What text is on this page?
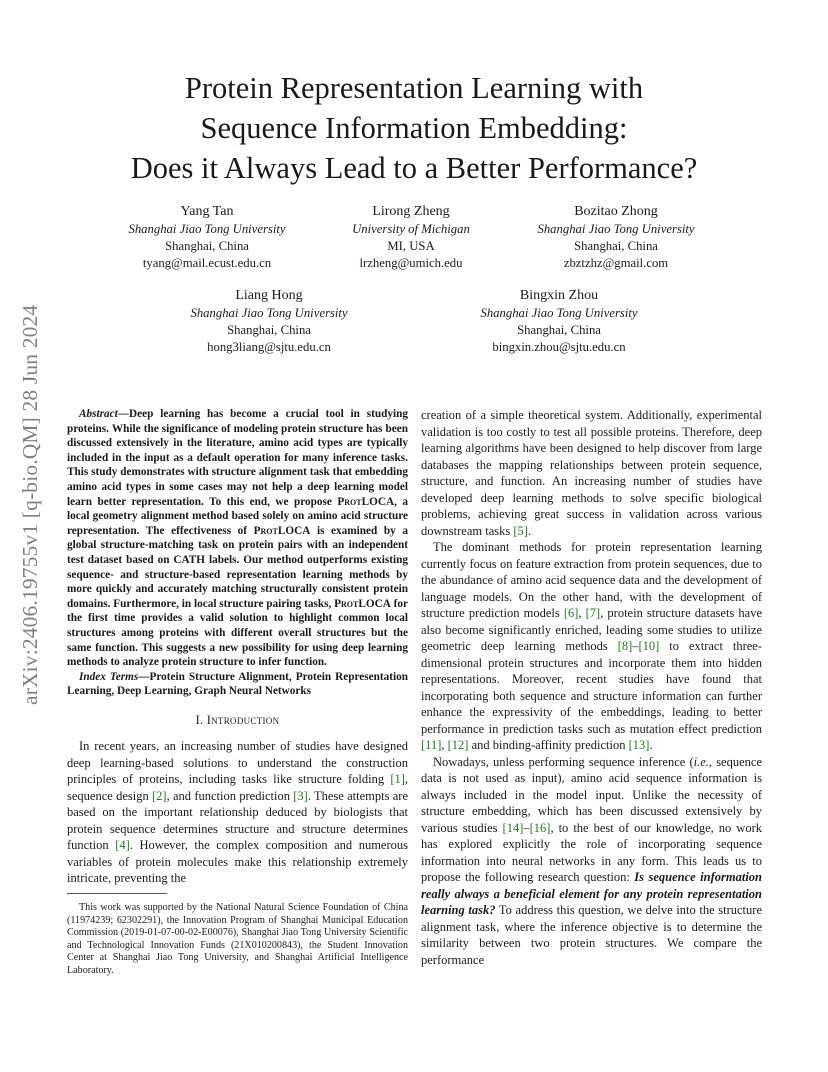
arXiv:2406.19755v1 [q-bio.QM] 28 Jun 2024
Protein Representation Learning with
Sequence Information Embedding:
Does it Always Lead to a Better Performance?
Yang Tan
Shanghai Jiao Tong University
Shanghai, China
tyang@mail.ecust.edu.cn
Lirong Zheng
University of Michigan
MI, USA
lrzheng@umich.edu
Bozitao Zhong
Shanghai Jiao Tong University
Shanghai, China
zbztzhz@gmail.com
Liang Hong
Shanghai Jiao Tong University
Shanghai, China
hong3liang@sjtu.edu.cn
Bingxin Zhou
Shanghai Jiao Tong University
Shanghai, China
bingxin.zhou@sjtu.edu.cn

Abstract—Deep learning has become a crucial tool in studying proteins. While the significance of modeling protein structure has been discussed extensively in the literature, amino acid types are typically included in the input as a default operation for many inference tasks. This study demonstrates with structure alignment task that embedding amino acid types in some cases may not help a deep learning model learn better representation. To this end, we propose ProtLOCA, a local geometry alignment method based solely on amino acid structure representation. The effectiveness of ProtLOCA is examined by a global structure-matching task on protein pairs with an independent test dataset based on CATH labels. Our method outperforms existing sequence- and structure-based representation learning methods by more quickly and accurately matching structurally consistent protein domains. Furthermore, in local structure pairing tasks, ProtLOCA for the first time provides a valid solution to highlight common local structures among proteins with different overall structures but the same function. This suggests a new possibility for using deep learning methods to analyze protein structure to infer function.

Index Terms—Protein Structure Alignment, Protein Representation Learning, Deep Learning, Graph Neural Networks

I. Introduction

In recent years, an increasing number of studies have designed deep learning-based solutions to understand the construction principles of proteins, including tasks like structure folding [1], sequence design [2], and function prediction [3]. These attempts are based on the important relationship deduced by biologists that protein sequence determines structure and structure determines function [4]. However, the complex composition and numerous variables of protein molecules make this relationship extremely intricate, preventing the

This work was supported by the National Natural Science Foundation of China (11974239; 62302291), the Innovation Program of Shanghai Municipal Education Commission (2019-01-07-00-02-E00076), Shanghai Jiao Tong University Scientific and Technological Innovation Funds (21X010200843), the Student Innovation Center at Shanghai Jiao Tong University, and Shanghai Artificial Intelligence Laboratory.

creation of a simple theoretical system. Additionally, experimental validation is too costly to test all possible proteins. Therefore, deep learning algorithms have been designed to help discover from large databases the mapping relationships between protein sequence, structure, and function. An increasing number of studies have developed deep learning methods to solve specific biological problems, achieving great success in validation across various downstream tasks [5].

The dominant methods for protein representation learning currently focus on feature extraction from protein sequences, due to the abundance of amino acid sequence data and the development of language models. On the other hand, with the development of structure prediction models [6], [7], protein structure datasets have also become significantly enriched, leading some studies to utilize geometric deep learning methods [8]–[10] to extract three-dimensional protein structures and incorporate them into hidden representations. Moreover, recent studies have found that incorporating both sequence and structure information can further enhance the expressivity of the embeddings, leading to better performance in prediction tasks such as mutation effect prediction [11], [12] and binding-affinity prediction [13].

Nowadays, unless performing sequence inference (i.e., sequence data is not used as input), amino acid sequence information is always included in the model input. Unlike the necessity of structure embedding, which has been discussed extensively by various studies [14]–[16], to the best of our knowledge, no work has explored explicitly the role of incorporating sequence information into neural networks in any form. This leads us to propose the following research question: Is sequence information really always a beneficial element for any protein representation learning task? To address this question, we delve into the structure alignment task, where the inference objective is to determine the similarity between two protein structures. We compare the performance
